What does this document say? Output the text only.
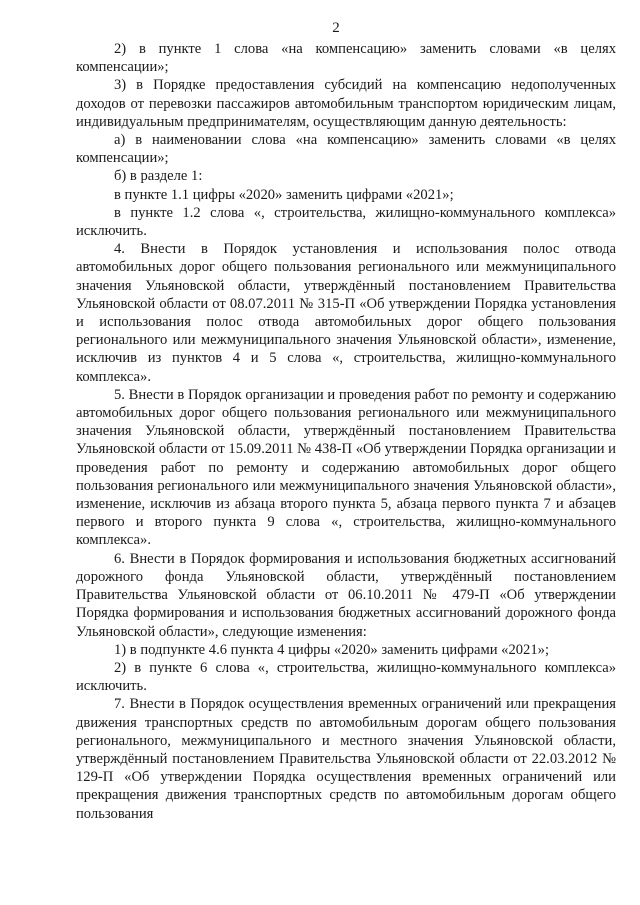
2

2) в пункте 1 слова «на компенсацию» заменить словами «в целях компенсации»;

3) в Порядке предоставления субсидий на компенсацию недополученных доходов от перевозки пассажиров автомобильным транспортом юридическим лицам, индивидуальным предпринимателям, осуществляющим данную деятельность:

а) в наименовании слова «на компенсацию» заменить словами «в целях компенсации»;

б) в разделе 1:

в пункте 1.1 цифры «2020» заменить цифрами «2021»;

в пункте 1.2 слова «, строительства, жилищно-коммунального комплекса» исключить.

4. Внести в Порядок установления и использования полос отвода автомобильных дорог общего пользования регионального или межмуниципального значения Ульяновской области, утверждённый постановлением Правительства Ульяновской области от 08.07.2011 № 315-П «Об утверждении Порядка установления и использования полос отвода автомобильных дорог общего пользования регионального или межмуниципального значения Ульяновской области», изменение, исключив из пунктов 4 и 5 слова «, строительства, жилищно-коммунального комплекса».

5. Внести в Порядок организации и проведения работ по ремонту и содержанию автомобильных дорог общего пользования регионального или межмуниципального значения Ульяновской области, утверждённый постановлением Правительства Ульяновской области от 15.09.2011 № 438-П «Об утверждении Порядка организации и проведения работ по ремонту и содержанию автомобильных дорог общего пользования регионального или межмуниципального значения Ульяновской области», изменение, исключив из абзаца второго пункта 5, абзаца первого пункта 7 и абзацев первого и второго пункта 9 слова «, строительства, жилищно-коммунального комплекса».

6. Внести в Порядок формирования и использования бюджетных ассигнований дорожного фонда Ульяновской области, утверждённый постановлением Правительства Ульяновской области от 06.10.2011 № 479-П «Об утверждении Порядка формирования и использования бюджетных ассигнований дорожного фонда Ульяновской области», следующие изменения:

1) в подпункте 4.6 пункта 4 цифры «2020» заменить цифрами «2021»;

2) в пункте 6 слова «, строительства, жилищно-коммунального комплекса» исключить.

7. Внести в Порядок осуществления временных ограничений или прекращения движения транспортных средств по автомобильным дорогам общего пользования регионального, межмуниципального и местного значения Ульяновской области, утверждённый постановлением Правительства Ульяновской области от 22.03.2012 № 129-П «Об утверждении Порядка осуществления временных ограничений или прекращения движения транспортных средств по автомобильным дорогам общего пользования
